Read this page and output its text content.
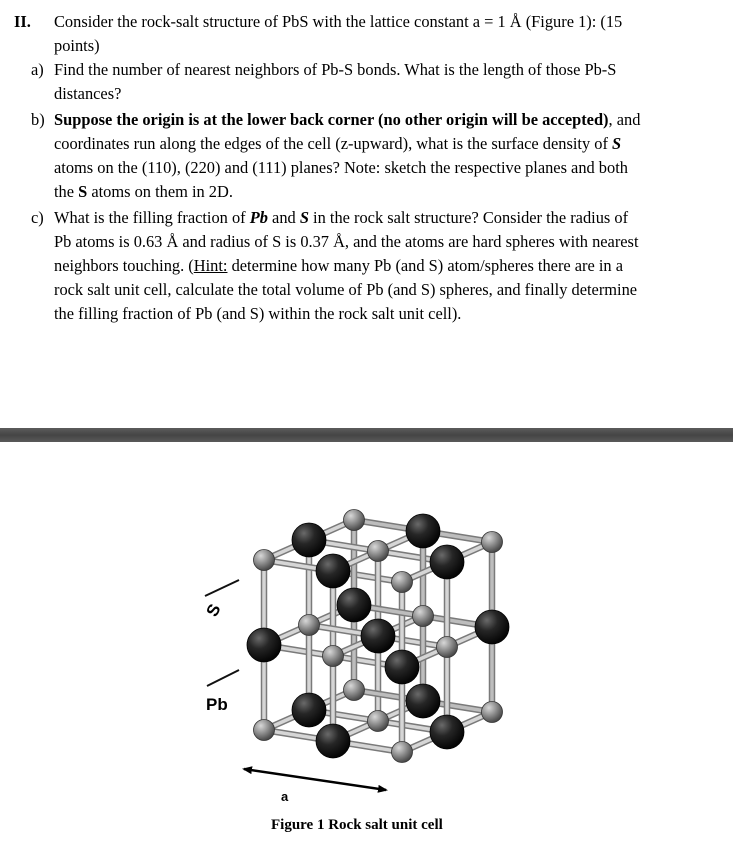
II. Consider the rock-salt structure of PbS with the lattice constant a = 1 Å (Figure 1): (15
points)
a) Find the number of nearest neighbors of Pb-S bonds. What is the length of those Pb-S
distances?
b) Suppose the origin is at the lower back corner (no other origin will be accepted), and
coordinates run along the edges of the cell (z-upward), what is the surface density of S
atoms on the (110), (220) and (111) planes? Note: sketch the respective planes and both
the S atoms on them in 2D.
c) What is the filling fraction of Pb and S in the rock salt structure? Consider the radius of
Pb atoms is 0.63 Å and radius of S is 0.37 Å, and the atoms are hard spheres with nearest
neighbors touching. (Hint: determine how many Pb (and S) atom/spheres there are in a
rock salt unit cell, calculate the total volume of Pb (and S) spheres, and finally determine
the filling fraction of Pb (and S) within the rock salt unit cell).
S
Pb
a
Figure 1 Rock salt unit cell
